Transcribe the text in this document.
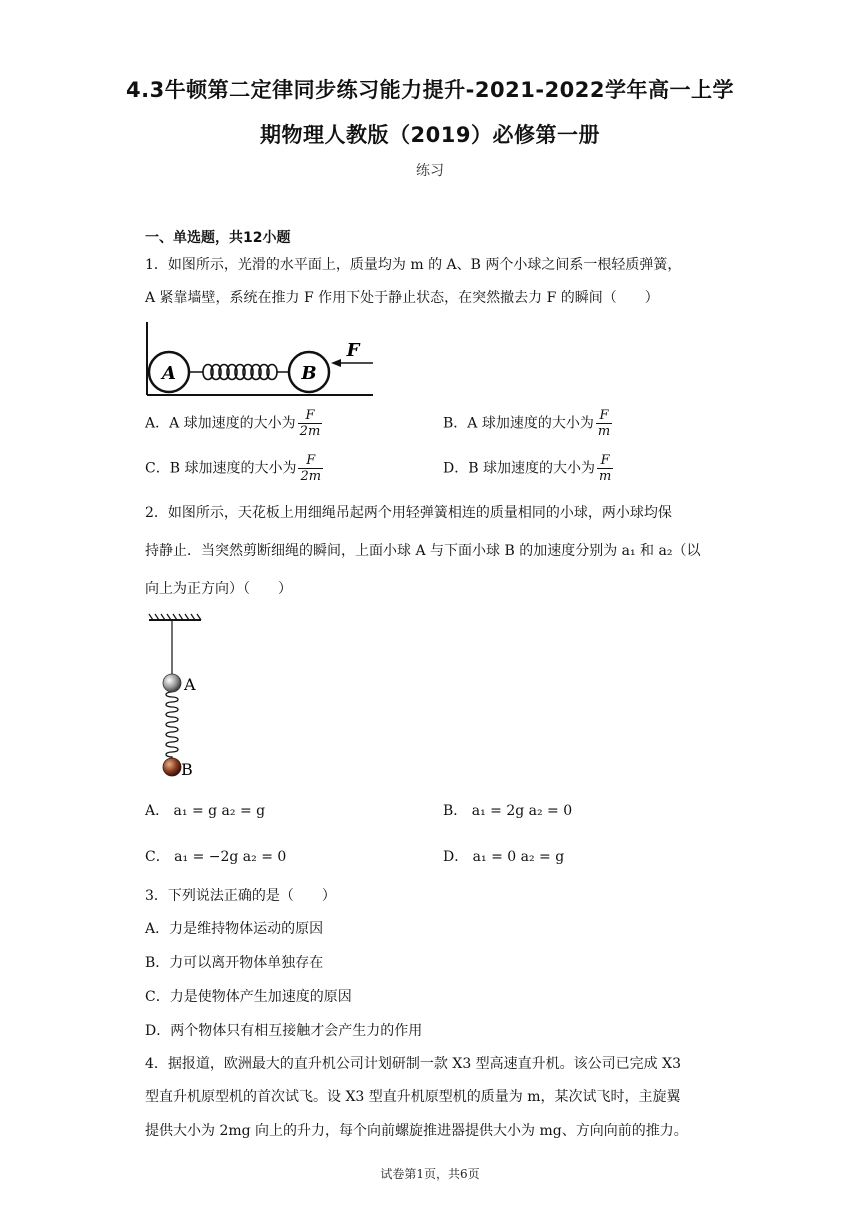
4.3牛顿第二定律同步练习能力提升-2021-2022学年高一上学
期物理人教版（2019）必修第一册
练习
一、单选题，共12小题
1．如图所示，光滑的水平面上，质量均为 m 的 A、B 两个小球之间系一根轻质弹簧，
A 紧靠墙壁，系统在推力 F 作用下处于静止状态，在突然撤去力 F 的瞬间（　　）
A	B
F
A．A 球加速度的大小为 $\frac{F}{2m}$	B．A 球加速度的大小为 $\frac{F}{m}$
C．B 球加速度的大小为 $\frac{F}{2m}$	D．B 球加速度的大小为 $\frac{F}{m}$
2．如图所示，天花板上用细绳吊起两个用轻弹簧相连的质量相同的小球，两小球均保
持静止．当突然剪断细绳的瞬间，上面小球 A 与下面小球 B 的加速度分别为 a₁ 和 a₂（以
向上为正方向）（　　）
A
B
A． a₁ = g a₂ = g	B． a₁ = 2g a₂ = 0
C． a₁ = −2g a₂ = 0	D． a₁ = 0 a₂ = g
3．下列说法正确的是（　　）
A．力是维持物体运动的原因
B．力可以离开物体单独存在
C．力是使物体产生加速度的原因
D．两个物体只有相互接触才会产生力的作用
4．据报道，欧洲最大的直升机公司计划研制一款 X3 型高速直升机。该公司已完成 X3
型直升机原型机的首次试飞。设 X3 型直升机原型机的质量为 m，某次试飞时，主旋翼
提供大小为 2mg 向上的升力，每个向前螺旋推进器提供大小为 mg、方向向前的推力。
试卷第1页，共6页
